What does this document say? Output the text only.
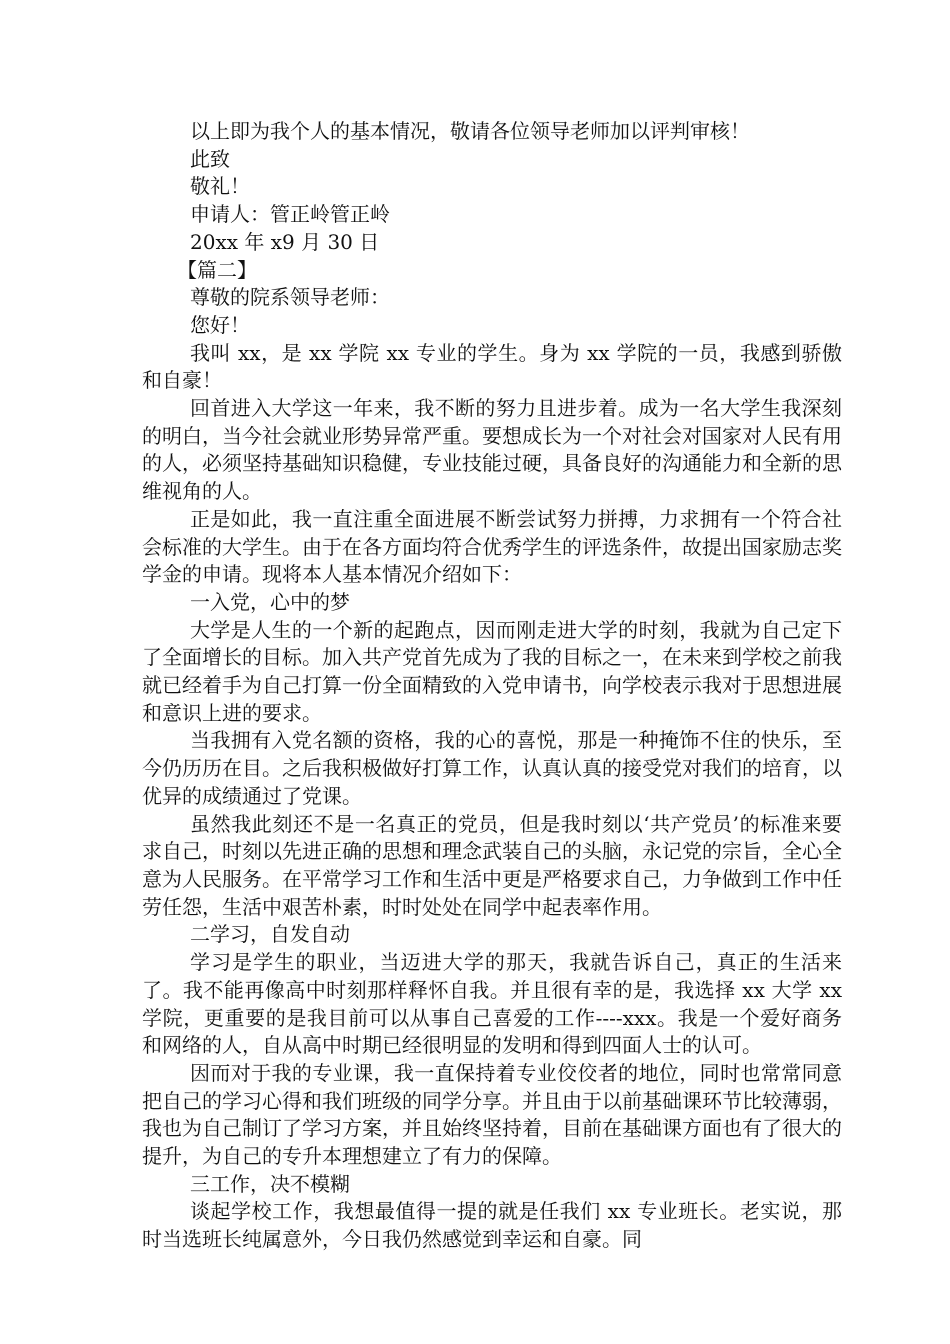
以上即为我个人的基本情况，敬请各位领导老师加以评判审核！

此致

敬礼！

申请人：管正岭管正岭

20xx 年 x9 月 30 日

【篇二】

尊敬的院系领导老师：

您好！

我叫 xx，是 xx 学院 xx 专业的学生。身为 xx 学院的一员，我感到骄傲和自豪！

回首进入大学这一年来，我不断的努力且进步着。成为一名大学生我深刻的明白，当今社会就业形势异常严重。要想成长为一个对社会对国家对人民有用的人，必须坚持基础知识稳健，专业技能过硬，具备良好的沟通能力和全新的思维视角的人。

正是如此，我一直注重全面进展不断尝试努力拼搏，力求拥有一个符合社会标准的大学生。由于在各方面均符合优秀学生的评选条件，故提出国家励志奖学金的申请。现将本人基本情况介绍如下：

一入党，心中的梦

大学是人生的一个新的起跑点，因而刚走进大学的时刻，我就为自己定下了全面增长的目标。加入共产党首先成为了我的目标之一，在未来到学校之前我就已经着手为自己打算一份全面精致的入党申请书，向学校表示我对于思想进展和意识上进的要求。

当我拥有入党名额的资格，我的心的喜悦，那是一种掩饰不住的快乐，至今仍历历在目。之后我积极做好打算工作，认真认真的接受党对我们的培育，以优异的成绩通过了党课。

虽然我此刻还不是一名真正的党员，但是我时刻以‘共产党员’的标准来要求自己，时刻以先进正确的思想和理念武装自己的头脑，永记党的宗旨，全心全意为人民服务。在平常学习工作和生活中更是严格要求自己，力争做到工作中任劳任怨，生活中艰苦朴素，时时处处在同学中起表率作用。

二学习，自发自动

学习是学生的职业，当迈进大学的那天，我就告诉自己，真正的生活来了。我不能再像高中时刻那样释怀自我。并且很有幸的是，我选择 xx 大学 xx 学院，更重要的是我目前可以从事自己喜爱的工作----xxx。我是一个爱好商务和网络的人，自从高中时期已经很明显的发明和得到四面人士的认可。

因而对于我的专业课，我一直保持着专业佼佼者的地位，同时也常常同意把自己的学习心得和我们班级的同学分享。并且由于以前基础课环节比较薄弱，我也为自己制订了学习方案，并且始终坚持着，目前在基础课方面也有了很大的提升，为自己的专升本理想建立了有力的保障。

三工作，决不模糊

谈起学校工作，我想最值得一提的就是任我们 xx 专业班长。老实说，那时当选班长纯属意外，今日我仍然感觉到幸运和自豪。同
